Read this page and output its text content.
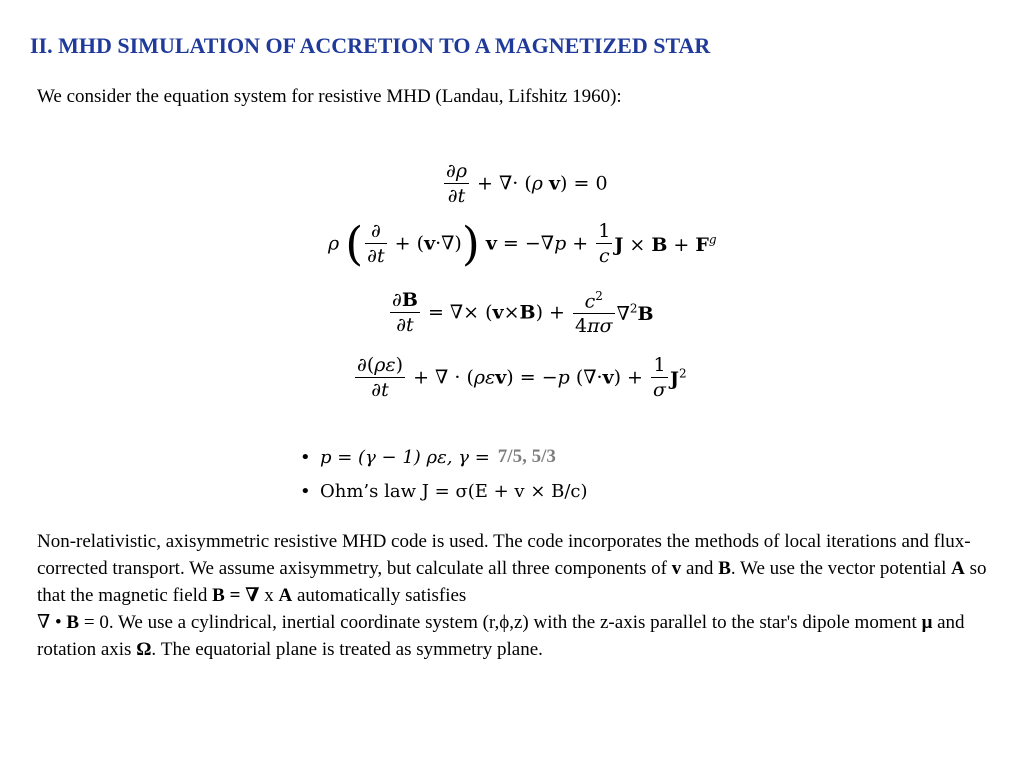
II. MHD SIMULATION OF ACCRETION TO A MAGNETIZED STAR
We consider the equation system for resistive MHD (Landau, Lifshitz 1960):
$\frac{\partial\rho}{\partial t}$ + ∇· (ρ v) = 0
ρ ( $\frac{\partial}{\partial t} + (v\cdot\nabla)$) $v = -\nabla p + \frac{1}{c}$ $J \times B + F^g$
$\frac{\partial B}{\partial t}$ = ∇× $(v\times B) + \frac{c^2}{4\pi\sigma} \nabla^2B$
$\frac{\partial(\rho\varepsilon)}{\partial t}$ + ∇ · (ρεv) = −p $(\nabla\cdot v) + \frac{1}{\sigma} J^2$
• p = (γ − 1) ρε, γ = 7/5, 5/3
• Ohm’s law J = σ(E + v × B/c)
Non-relativistic, axisymmetric resistive MHD code is used. The code incorporates the methods of local iterations and flux-corrected transport. We assume axisymmetry, but calculate all three components of v and B. We use the vector potential A so that the magnetic field B = ∇ x A automatically satisfies
∇ • B = 0. We use a cylindrical, inertial coordinate system (r,ϕ,z) with the z-axis parallel to the star's dipole moment μ and rotation axis Ω. The equatorial plane is treated as symmetry plane.
